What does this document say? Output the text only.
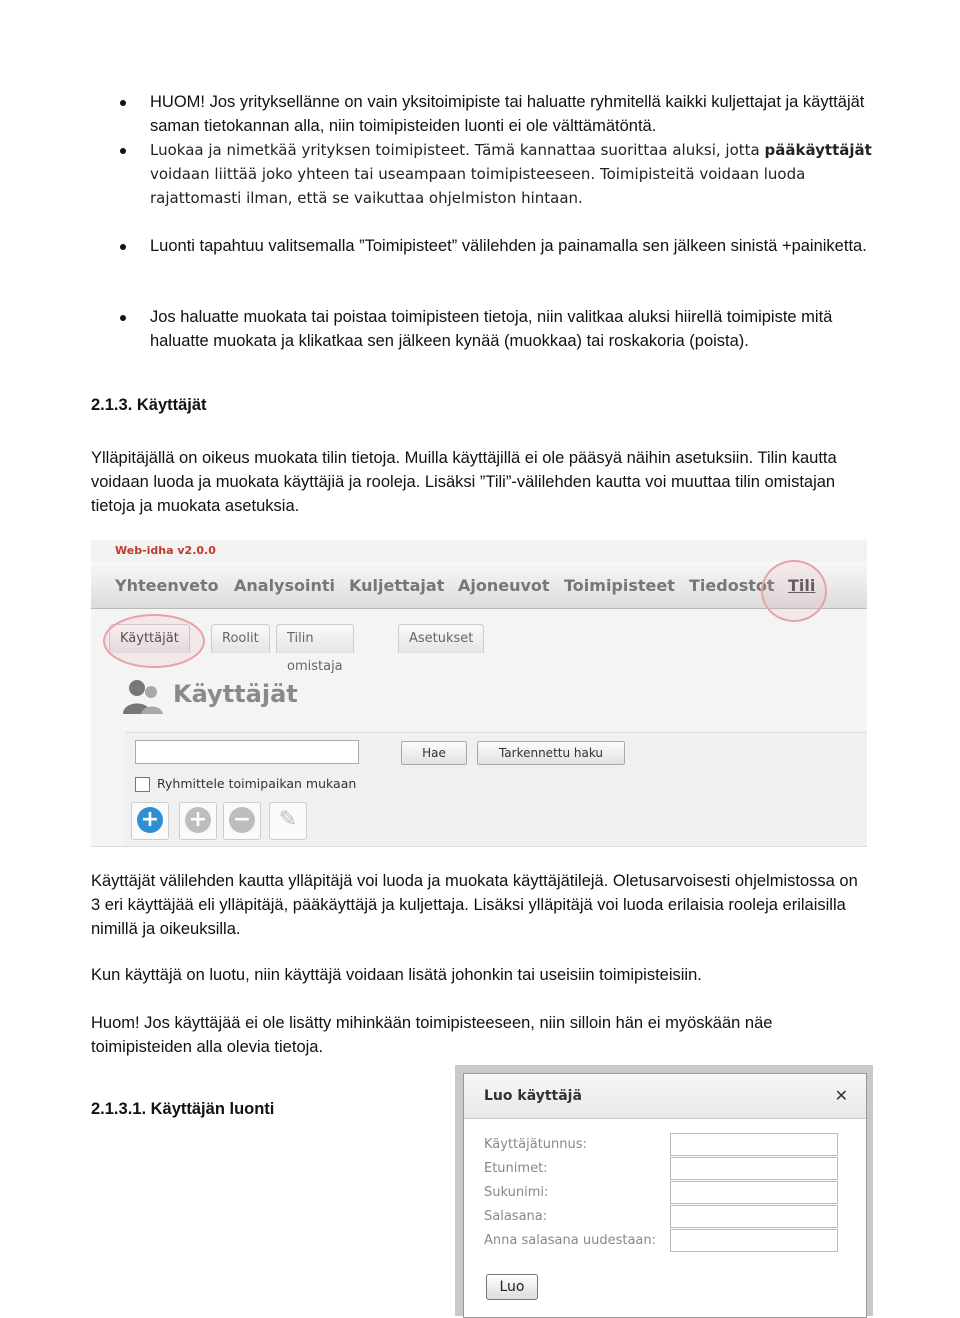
HUOM! Jos yrityksellänne on vain yksitoimipiste tai haluatte ryhmitellä kaikki kuljettajat ja käyttäjät saman tietokannan alla, niin toimipisteiden luonti ei ole välttämätöntä.
Luokaa ja nimetkää yrityksen toimipisteet. Tämä kannattaa suorittaa aluksi, jotta pääkäyttäjät voidaan liittää joko yhteen tai useampaan toimipisteeseen. Toimipisteitä voidaan luoda rajattomasti ilman, että se vaikuttaa ohjelmiston hintaan.
Luonti tapahtuu valitsemalla ”Toimipisteet” välilehden ja painamalla sen jälkeen sinistä +painiketta.
Jos haluatte muokata tai poistaa toimipisteen tietoja, niin valitkaa aluksi hiirellä toimipiste mitä haluatte muokata ja klikatkaa sen jälkeen kynää (muokkaa) tai roskakoria (poista).
2.1.3. Käyttäjät

Ylläpitäjällä on oikeus muokata tilin tietoja. Muilla käyttäjillä ei ole pääsyä näihin asetuksiin. Tilin kautta voidaan luoda ja muokata käyttäjiä ja rooleja. Lisäksi ”Tili”-välilehden kautta voi muuttaa tilin omistajan tietoja ja muokata asetuksia.

Web-idha v2.0.0
Yhteenveto Analysointi Kuljettajat Ajoneuvot Toimipisteet Tiedostot Tili
Käyttäjät	Roolit	Tilin omistaja
Asetukset
Käyttäjät
Hae	Tarkennettu haku
Ryhmittele toimipaikan mukaan
+ + − ✎

Käyttäjät välilehden kautta ylläpitäjä voi luoda ja muokata käyttäjätilejä. Oletusarvoisesti ohjelmistossa on 3 eri käyttäjää eli ylläpitäjä, pääkäyttäjä ja kuljettaja. Lisäksi ylläpitäjä voi luoda erilaisia rooleja erilaisilla nimillä ja oikeuksilla.

Kun käyttäjä on luotu, niin käyttäjä voidaan lisätä johonkin tai useisiin toimipisteisiin.

Huom! Jos käyttäjää ei ole lisätty mihinkään toimipisteeseen, niin silloin hän ei myöskään näe toimipisteiden alla olevia tietoja.

2.1.3.1. Käyttäjän luonti
Luo käyttäjä	✕
Käyttäjätunnus:
Etunimet:
Sukunimi:
Salasana:
Anna salasana uudestaan:
Luo
